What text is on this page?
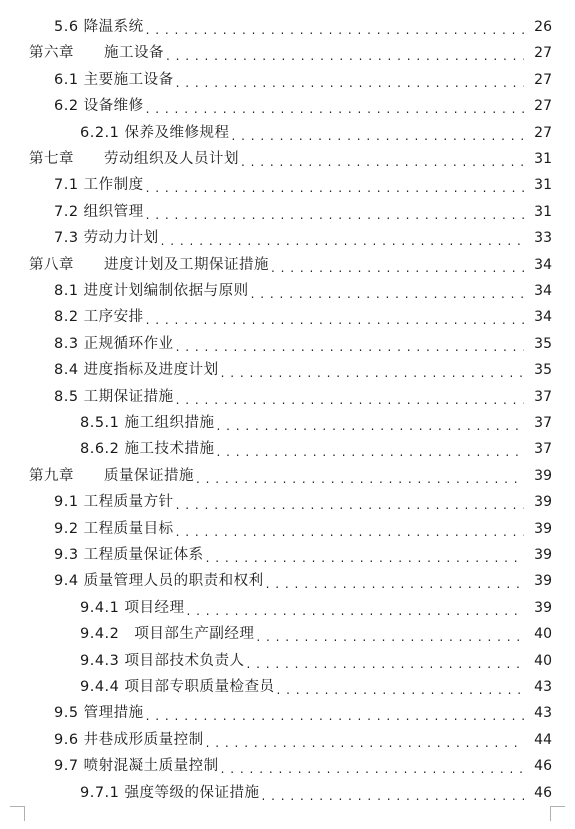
5.6 降温系统 . . .	26
第六章　　施工设备 . . .	27
6.1 主要施工设备 . . .	27
6.2 设备维修 . . .	27
6.2.1 保养及维修规程 . . .	27
第七章　　劳动组织及人员计划 . . .	31
7.1 工作制度 . . .	31
7.2 组织管理 . . .	31
7.3 劳动力计划 . . .	33
第八章　　进度计划及工期保证措施 . . .	34
8.1 进度计划编制依据与原则 . . .	34
8.2 工序安排 . . .	34
8.3 正规循环作业 . . .	35
8.4 进度指标及进度计划 . . .	35
8.5 工期保证措施 . . .	37
8.5.1 施工组织措施 . . .	37
8.6.2 施工技术措施 . . .	37
第九章　　质量保证措施 . . .	39
9.1 工程质量方针 . . .	39
9.2 工程质量目标 . . .	39
9.3 工程质量保证体系 . . .	39
9.4 质量管理人员的职责和权利 . . .	39
9.4.1 项目经理 . . .	39
9.4.2　项目部生产副经理 . . .	40
9.4.3 项目部技术负责人 . . .	40
9.4.4 项目部专职质量检查员 . . .	43
9.5 管理措施 . . .	43
9.6 井巷成形质量控制 . . .	44
9.7 喷射混凝土质量控制 . . .	46
9.7.1 强度等级的保证措施 . . .	46
